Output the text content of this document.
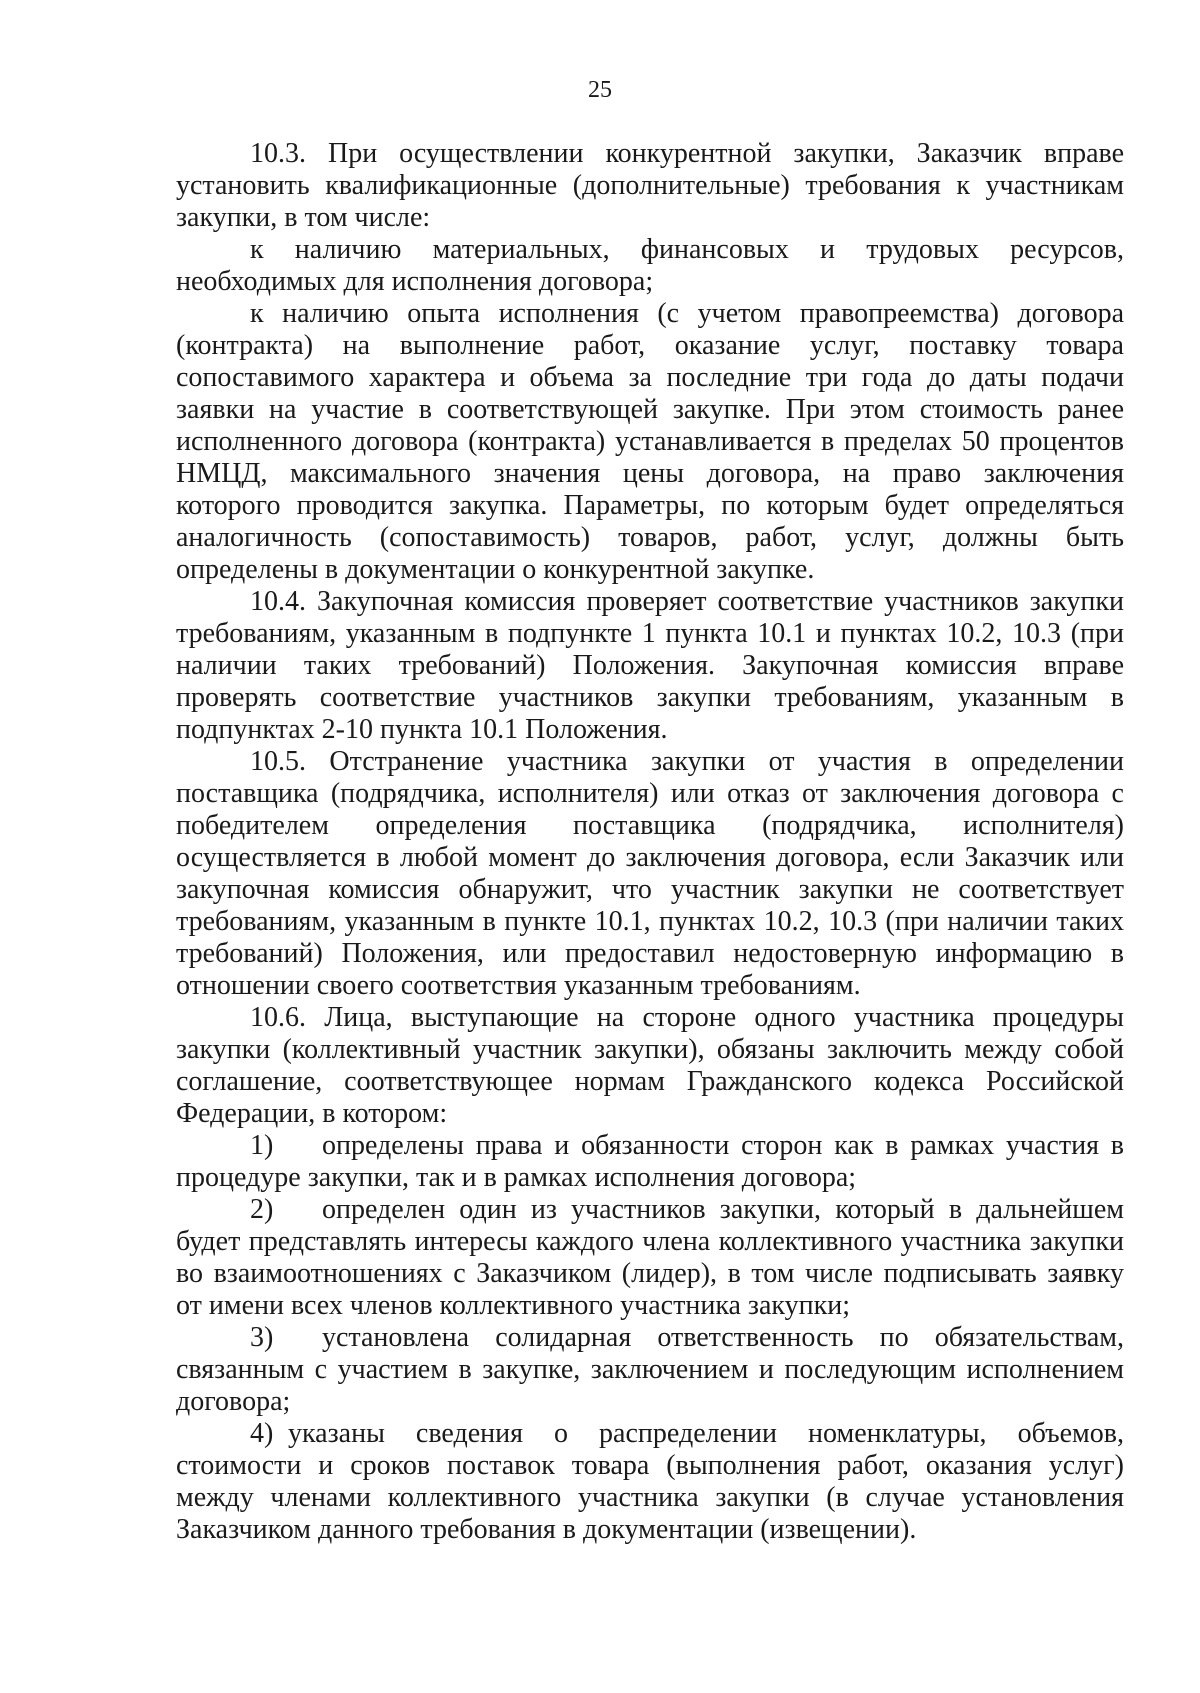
25

10.3. При осуществлении конкурентной закупки, Заказчик вправе установить квалификационные (дополнительные) требования к участникам закупки, в том числе:

к наличию материальных, финансовых и трудовых ресурсов, необходимых для исполнения договора;

к наличию опыта исполнения (с учетом правопреемства) договора (контракта) на выполнение работ, оказание услуг, поставку товара сопоставимого характера и объема за последние три года до даты подачи заявки на участие в соответствующей закупке. При этом стоимость ранее исполненного договора (контракта) устанавливается в пределах 50 процентов НМЦД, максимального значения цены договора, на право заключения которого проводится закупка. Параметры, по которым будет определяться аналогичность (сопоставимость) товаров, работ, услуг, должны быть определены в документации о конкурентной закупке.

10.4. Закупочная комиссия проверяет соответствие участников закупки требованиям, указанным в подпункте 1 пункта 10.1 и пунктах 10.2, 10.3 (при наличии таких требований) Положения. Закупочная комиссия вправе проверять соответствие участников закупки требованиям, указанным в подпунктах 2-10 пункта 10.1 Положения.

10.5. Отстранение участника закупки от участия в определении поставщика (подрядчика, исполнителя) или отказ от заключения договора с победителем определения поставщика (подрядчика, исполнителя) осуществляется в любой момент до заключения договора, если Заказчик или закупочная комиссия обнаружит, что участник закупки не соответствует требованиям, указанным в пункте 10.1, пунктах 10.2, 10.3 (при наличии таких требований) Положения, или предоставил недостоверную информацию в отношении своего соответствия указанным требованиям.

10.6. Лица, выступающие на стороне одного участника процедуры закупки (коллективный участник закупки), обязаны заключить между собой соглашение, соответствующее нормам Гражданского кодекса Российской Федерации, в котором:

1) определены права и обязанности сторон как в рамках участия в процедуре закупки, так и в рамках исполнения договора;

2) определен один из участников закупки, который в дальнейшем будет представлять интересы каждого члена коллективного участника закупки во взаимоотношениях с Заказчиком (лидер), в том числе подписывать заявку от имени всех членов коллективного участника закупки;

3) установлена солидарная ответственность по обязательствам, связанным с участием в закупке, заключением и последующим исполнением договора;

4) указаны сведения о распределении номенклатуры, объемов, стоимости и сроков поставок товара (выполнения работ, оказания услуг) между членами коллективного участника закупки (в случае установления Заказчиком данного требования в документации (извещении).
